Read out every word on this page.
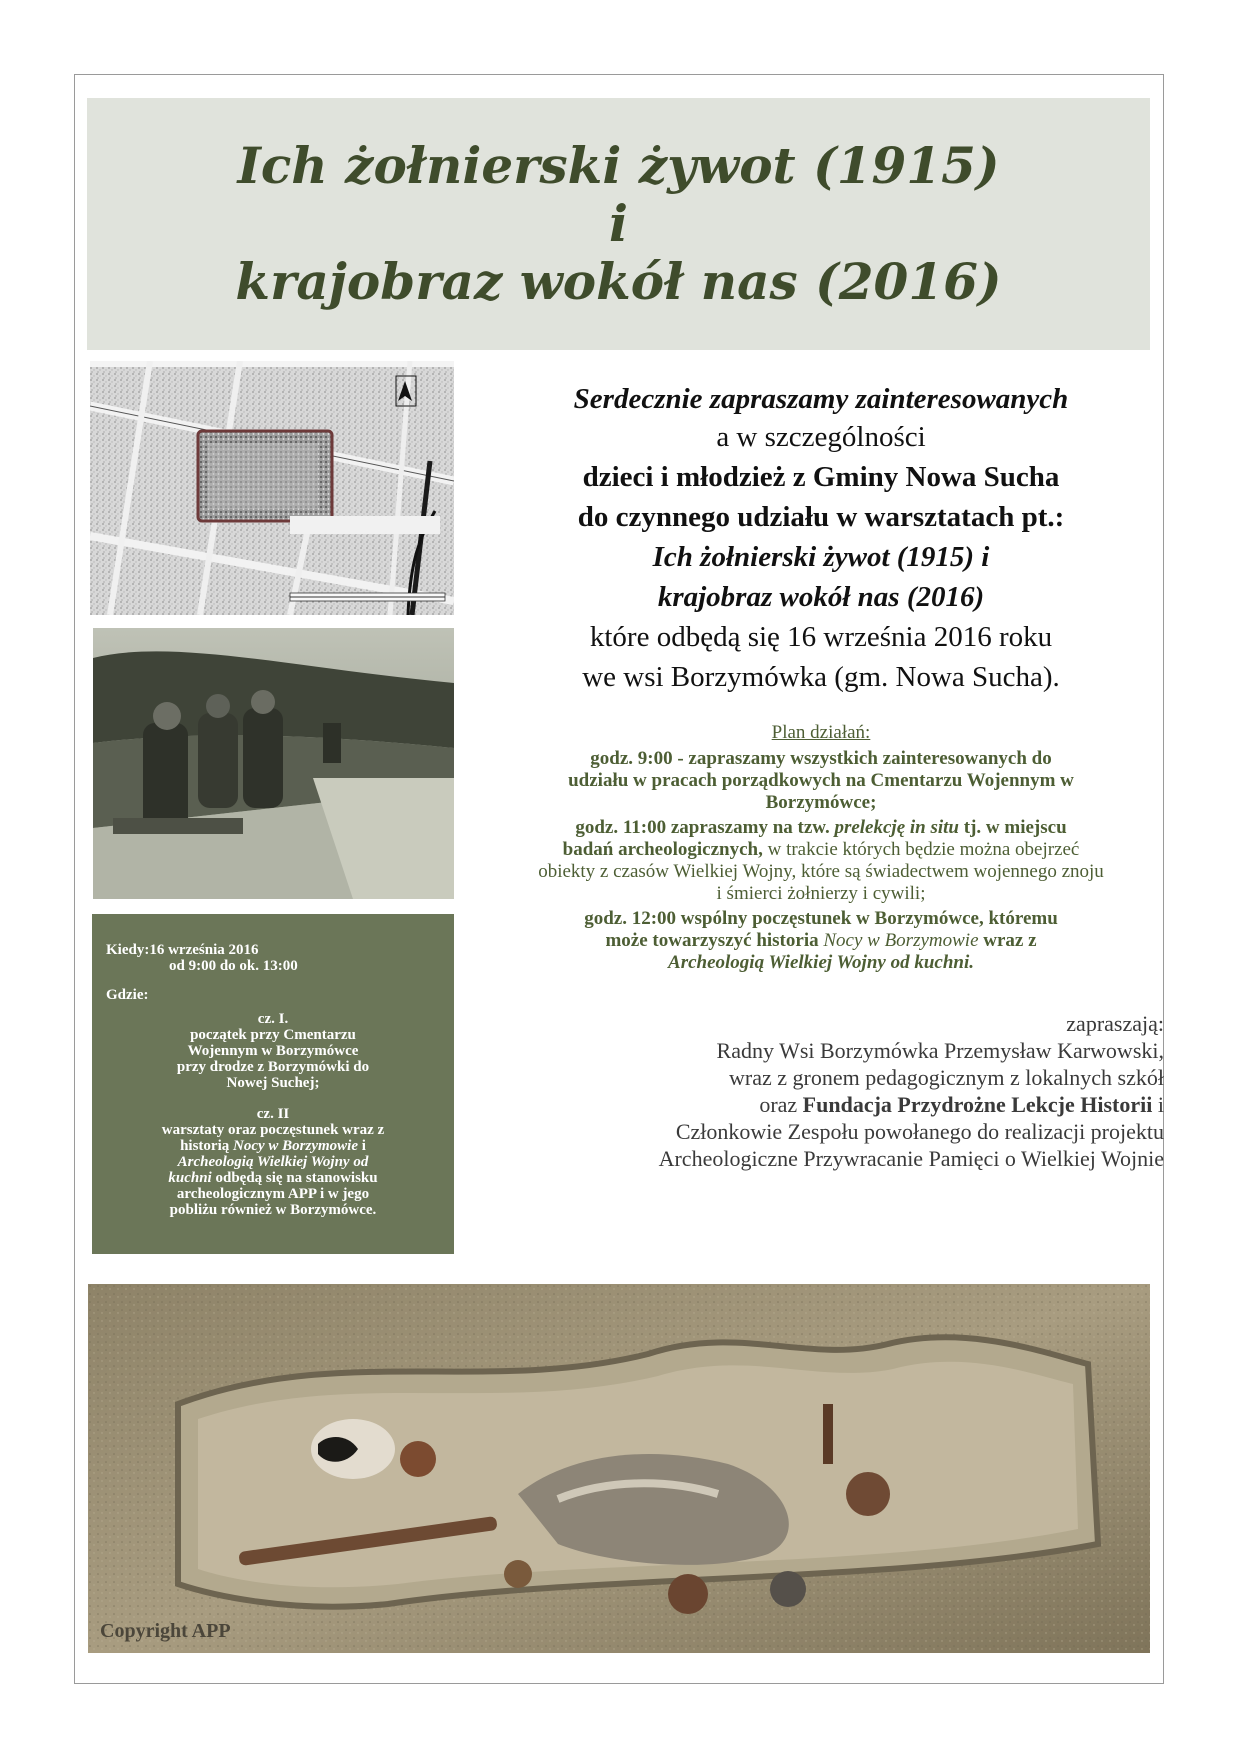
Ich żołnierski żywot (1915)
i
krajobraz wokół nas (2016)
Kiedy:16 września 2016
od 9:00 do ok. 13:00
Gdzie:
cz. I.
początek przy Cmentarzu
Wojennym w Borzymówce
przy drodze z Borzymówki do
Nowej Suchej;
cz. II
warsztaty oraz poczęstunek wraz z
historią Nocy w Borzymowie i
Archeologią Wielkiej Wojny od
kuchni odbędą się na stanowisku
archeologicznym APP i w jego
pobliżu również w Borzymówce.
Serdecznie zapraszamy zainteresowanych
a w szczególności
dzieci i młodzież z Gminy Nowa Sucha
do czynnego udziału w warsztatach pt.:
Ich żołnierski żywot (1915) i
krajobraz wokół nas (2016)
które odbędą się 16 września 2016 roku
we wsi Borzymówka (gm. Nowa Sucha).
Plan działań:
godz. 9:00 - zapraszamy wszystkich zainteresowanych do
udziału w pracach porządkowych na Cmentarzu Wojennym w
Borzymówce;
godz. 11:00 zapraszamy na tzw. prelekcję in situ tj. w miejscu
badań archeologicznych, w trakcie których będzie można obejrzeć
obiekty z czasów Wielkiej Wojny, które są świadectwem wojennego znoju
i śmierci żołnierzy i cywili;
godz. 12:00 wspólny poczęstunek w Borzymówce, któremu
może towarzyszyć historia Nocy w Borzymowie wraz z
Archeologią Wielkiej Wojny od kuchni.
zapraszają:
Radny Wsi Borzymówka Przemysław Karwowski,
wraz z gronem pedagogicznym z lokalnych szkół
oraz Fundacja Przydrożne Lekcje Historii i
Członkowie Zespołu powołanego do realizacji projektu
Archeologiczne Przywracanie Pamięci o Wielkiej Wojnie
Copyright APP
